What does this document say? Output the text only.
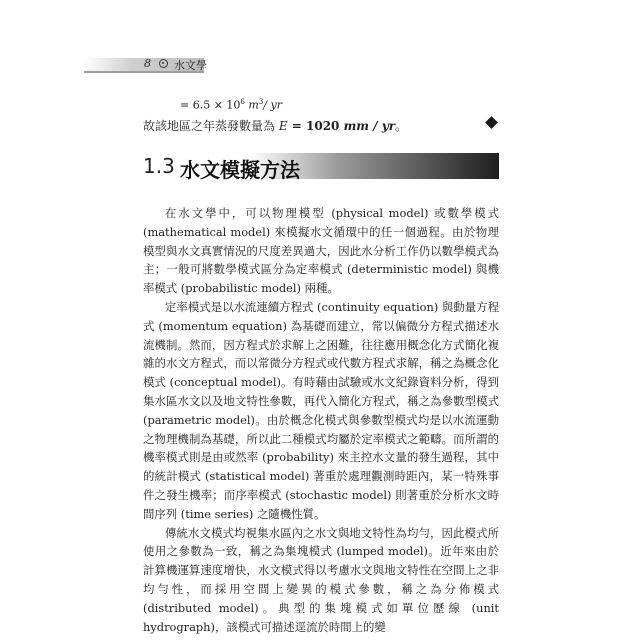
8 水文學
= $6.5 \times 10^6$ $m^3/$ yr
故該地區之年蒸發數量為 E = 1020 mm / yr。
1.3 水文模擬方法

在水文學中，可以物理模型 (physical model) 或數學模式 (mathematical model) 來模擬水文循環中的任一個過程。由於物理模型與水文真實情況的尺度差異過大，因此水分析工作仍以數學模式為主；一般可將數學模式區分為定率模式 (deterministic model) 與機率模式 (probabilistic model) 兩種。

定率模式是以水流連續方程式 (continuity equation) 與動量方程式 (momentum equation) 為基礎而建立，常以偏微分方程式描述水流機制。然而，因方程式於求解上之困難，往往應用概念化方式簡化複雜的水文方程式，而以常微分方程式或代數方程式求解，稱之為概念化模式 (conceptual model)。有時藉由試驗或水文紀錄資料分析，得到集水區水文以及地文特性參數，再代入簡化方程式，稱之為參數型模式 (parametric model)。由於概念化模式與參數型模式均是以水流運動之物理機制為基礎，所以此二種模式均屬於定率模式之範疇。而所謂的機率模式則是由或然率 (probability) 來主控水文量的發生過程，其中的統計模式 (statistical model) 著重於處理觀測時距內，某一特殊事件之發生機率；而序率模式 (stochastic model) 則著重於分析水文時間序列 (time series) 之隨機性質。

傳統水文模式均視集水區內之水文與地文特性為均勻，因此模式所使用之參數為一致，稱之為集塊模式 (lumped model)。近年來由於計算機運算速度增快，水文模式得以考慮水文與地文特性在空間上之非均勻性，而採用空間上變異的模式參數，稱之為分佈模式 (distributed model)。典型的集塊模式如單位歷線 (unit hydrograph)，該模式可描述逕流於時間上的變
